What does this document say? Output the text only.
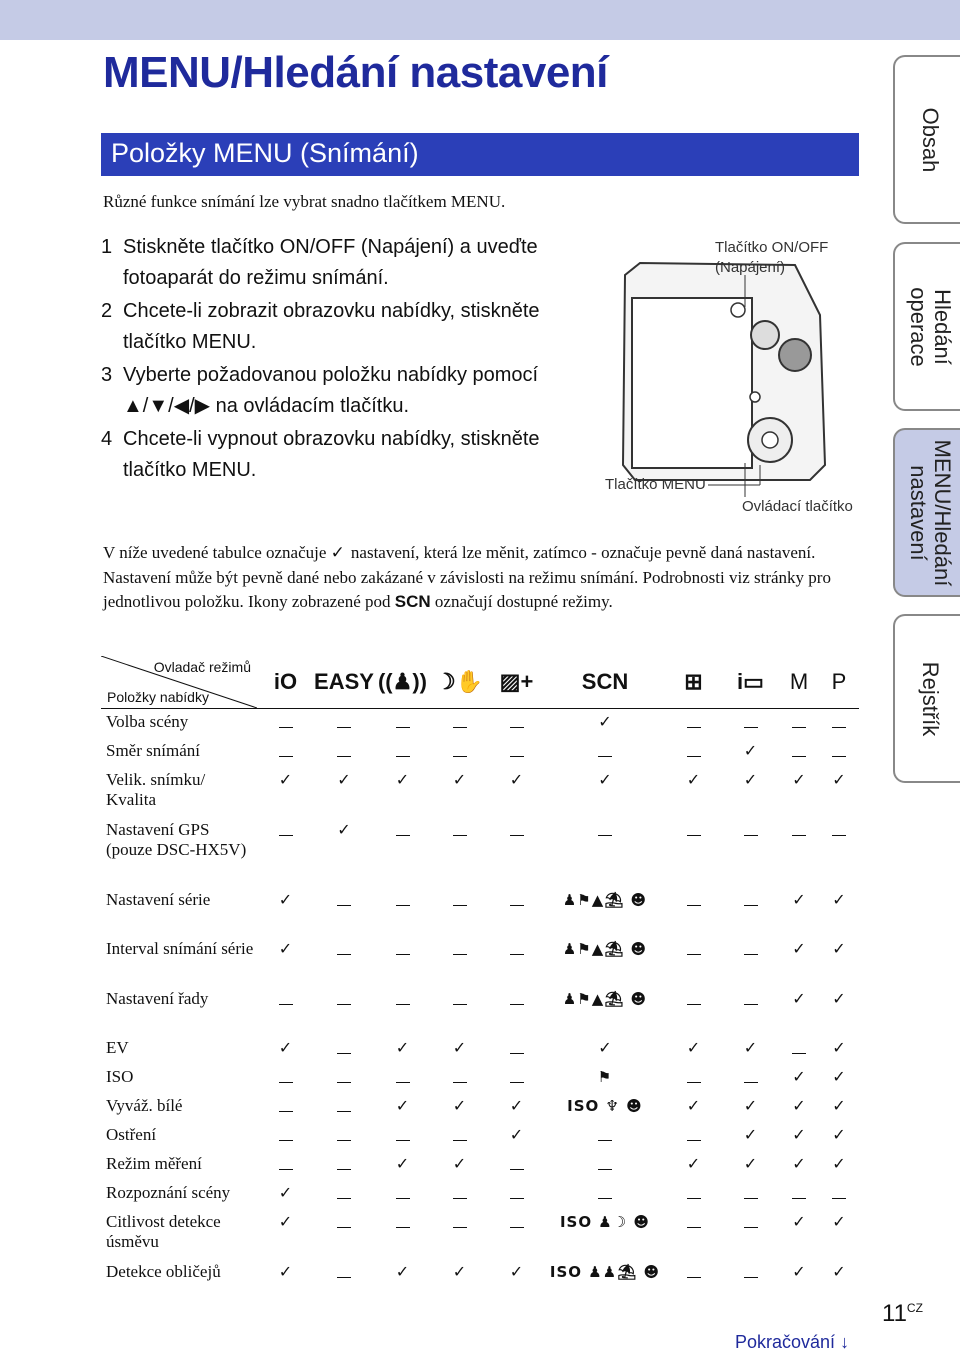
MENU/Hledání nastavení
Položky MENU (Snímání)
Různé funkce snímání lze vybrat snadno tlačítkem MENU.
1 Stiskněte tlačítko ON/OFF (Napájení) a uveďte fotoaparát do režimu snímání.
2 Chcete-li zobrazit obrazovku nabídky, stiskněte tlačítko MENU.
3 Vyberte požadovanou položku nabídky pomocí ▲/▼/◀/▶ na ovládacím tlačítku.
4 Chcete-li vypnout obrazovku nabídky, stiskněte tlačítko MENU.
Tlačítko ON/OFF
(Napájení)
Tlačítko MENU
Ovládací tlačítko
V níže uvedené tabulce označuje ✓ nastavení, která lze měnit, zatímco - označuje pevně daná nastavení. Nastavení může být pevně dané nebo zakázané v závislosti na režimu snímání. Podrobnosti viz stránky pro jednotlivou položku. Ikony zobrazené pod SCN označují dostupné režimy.
Ovladač režimů
Položky nabídky	iO	EASY	((♟))	☽✋	▨+	SCN	⊞	i▭	M	P
Volba scény						✓				
Směr snímání								✓		
Velik. snímku/ Kvalita	✓	✓	✓	✓	✓	✓	✓	✓	✓	✓
Nastavení GPS (pouze DSC-HX5V)		✓								
Nastavení série	✓					♟⚑▲⛱ ☻			✓	✓
Interval snímání série	✓					♟⚑▲⛱ ☻			✓	✓
Nastavení řady						♟⚑▲⛱ ☻			✓	✓
EV	✓		✓	✓		✓	✓	✓		✓
ISO						⚑			✓	✓
Vyváž. bílé			✓	✓	✓	ISO ♆ ☻	✓	✓	✓	✓
Ostření					✓			✓	✓	✓
Režim měření			✓	✓			✓	✓	✓	✓
Rozpoznání scény	✓									
Citlivost detekce úsměvu	✓					ISO ♟☽ ☻			✓	✓
Detekce obličejů	✓		✓	✓	✓	ISO ♟♟⛱ ☻			✓	✓
Obsah
Hledání operace
MENU/Hledání nastavení
Rejstřík
$11^{CZ}$
Pokračování ↓
